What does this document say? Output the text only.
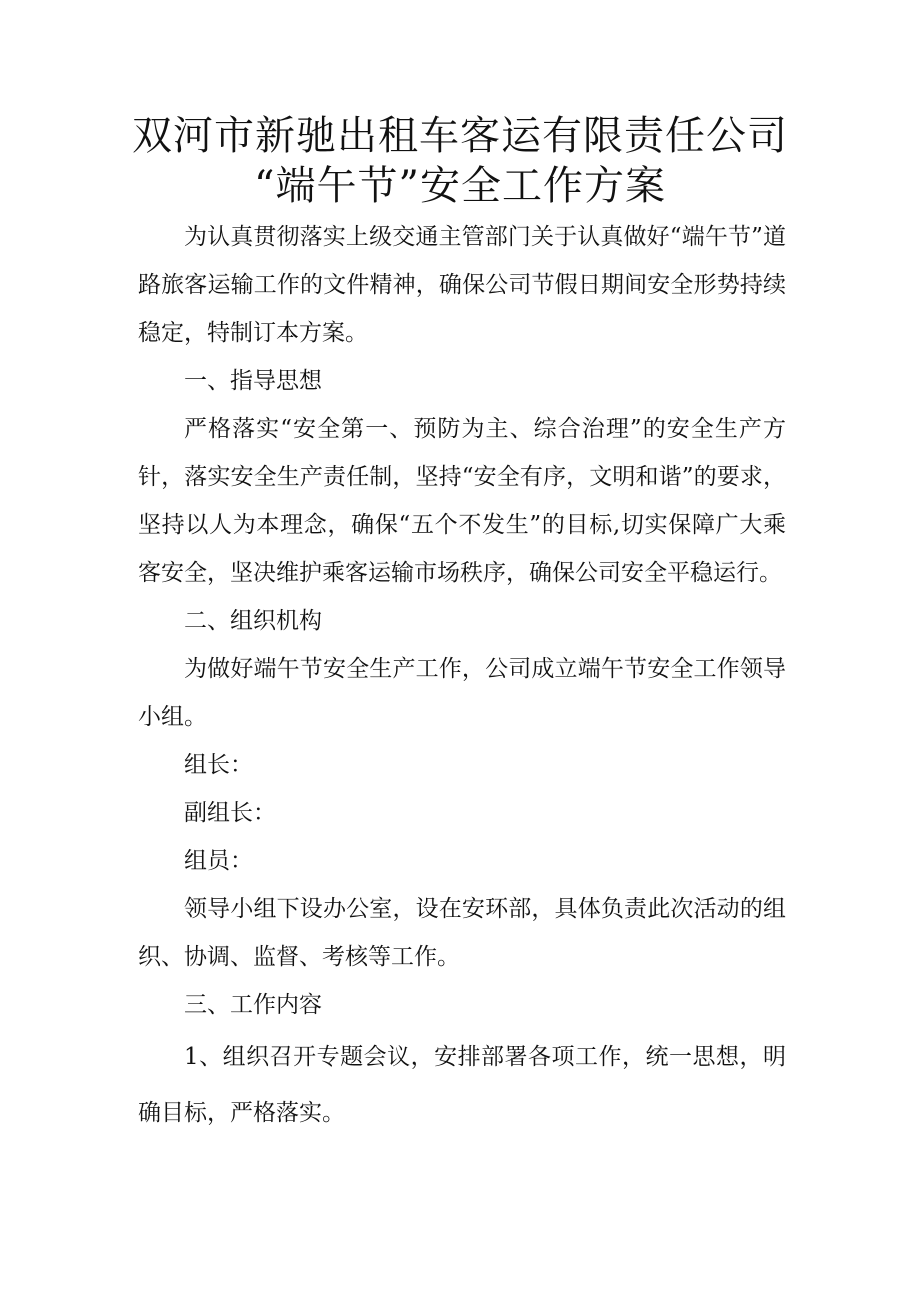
双河市新驰出租车客运有限责任公司
“端午节”安全工作方案

为认真贯彻落实上级交通主管部门关于认真做好“端午节”道路旅客运输工作的文件精神，确保公司节假日期间安全形势持续稳定，特制订本方案。

一、指导思想

严格落实“安全第一、预防为主、综合治理”的安全生产方针，落实安全生产责任制，坚持“安全有序，文明和谐”的要求，坚持以人为本理念，确保“五个不发生”的目标,切实保障广大乘客安全，坚决维护乘客运输市场秩序，确保公司安全平稳运行。

二、组织机构

为做好端午节安全生产工作，公司成立端午节安全工作领导小组。

组长：

副组长：

组员：

领导小组下设办公室，设在安环部，具体负责此次活动的组织、协调、监督、考核等工作。

三、工作内容

1、组织召开专题会议，安排部署各项工作，统一思想，明确目标，严格落实。
